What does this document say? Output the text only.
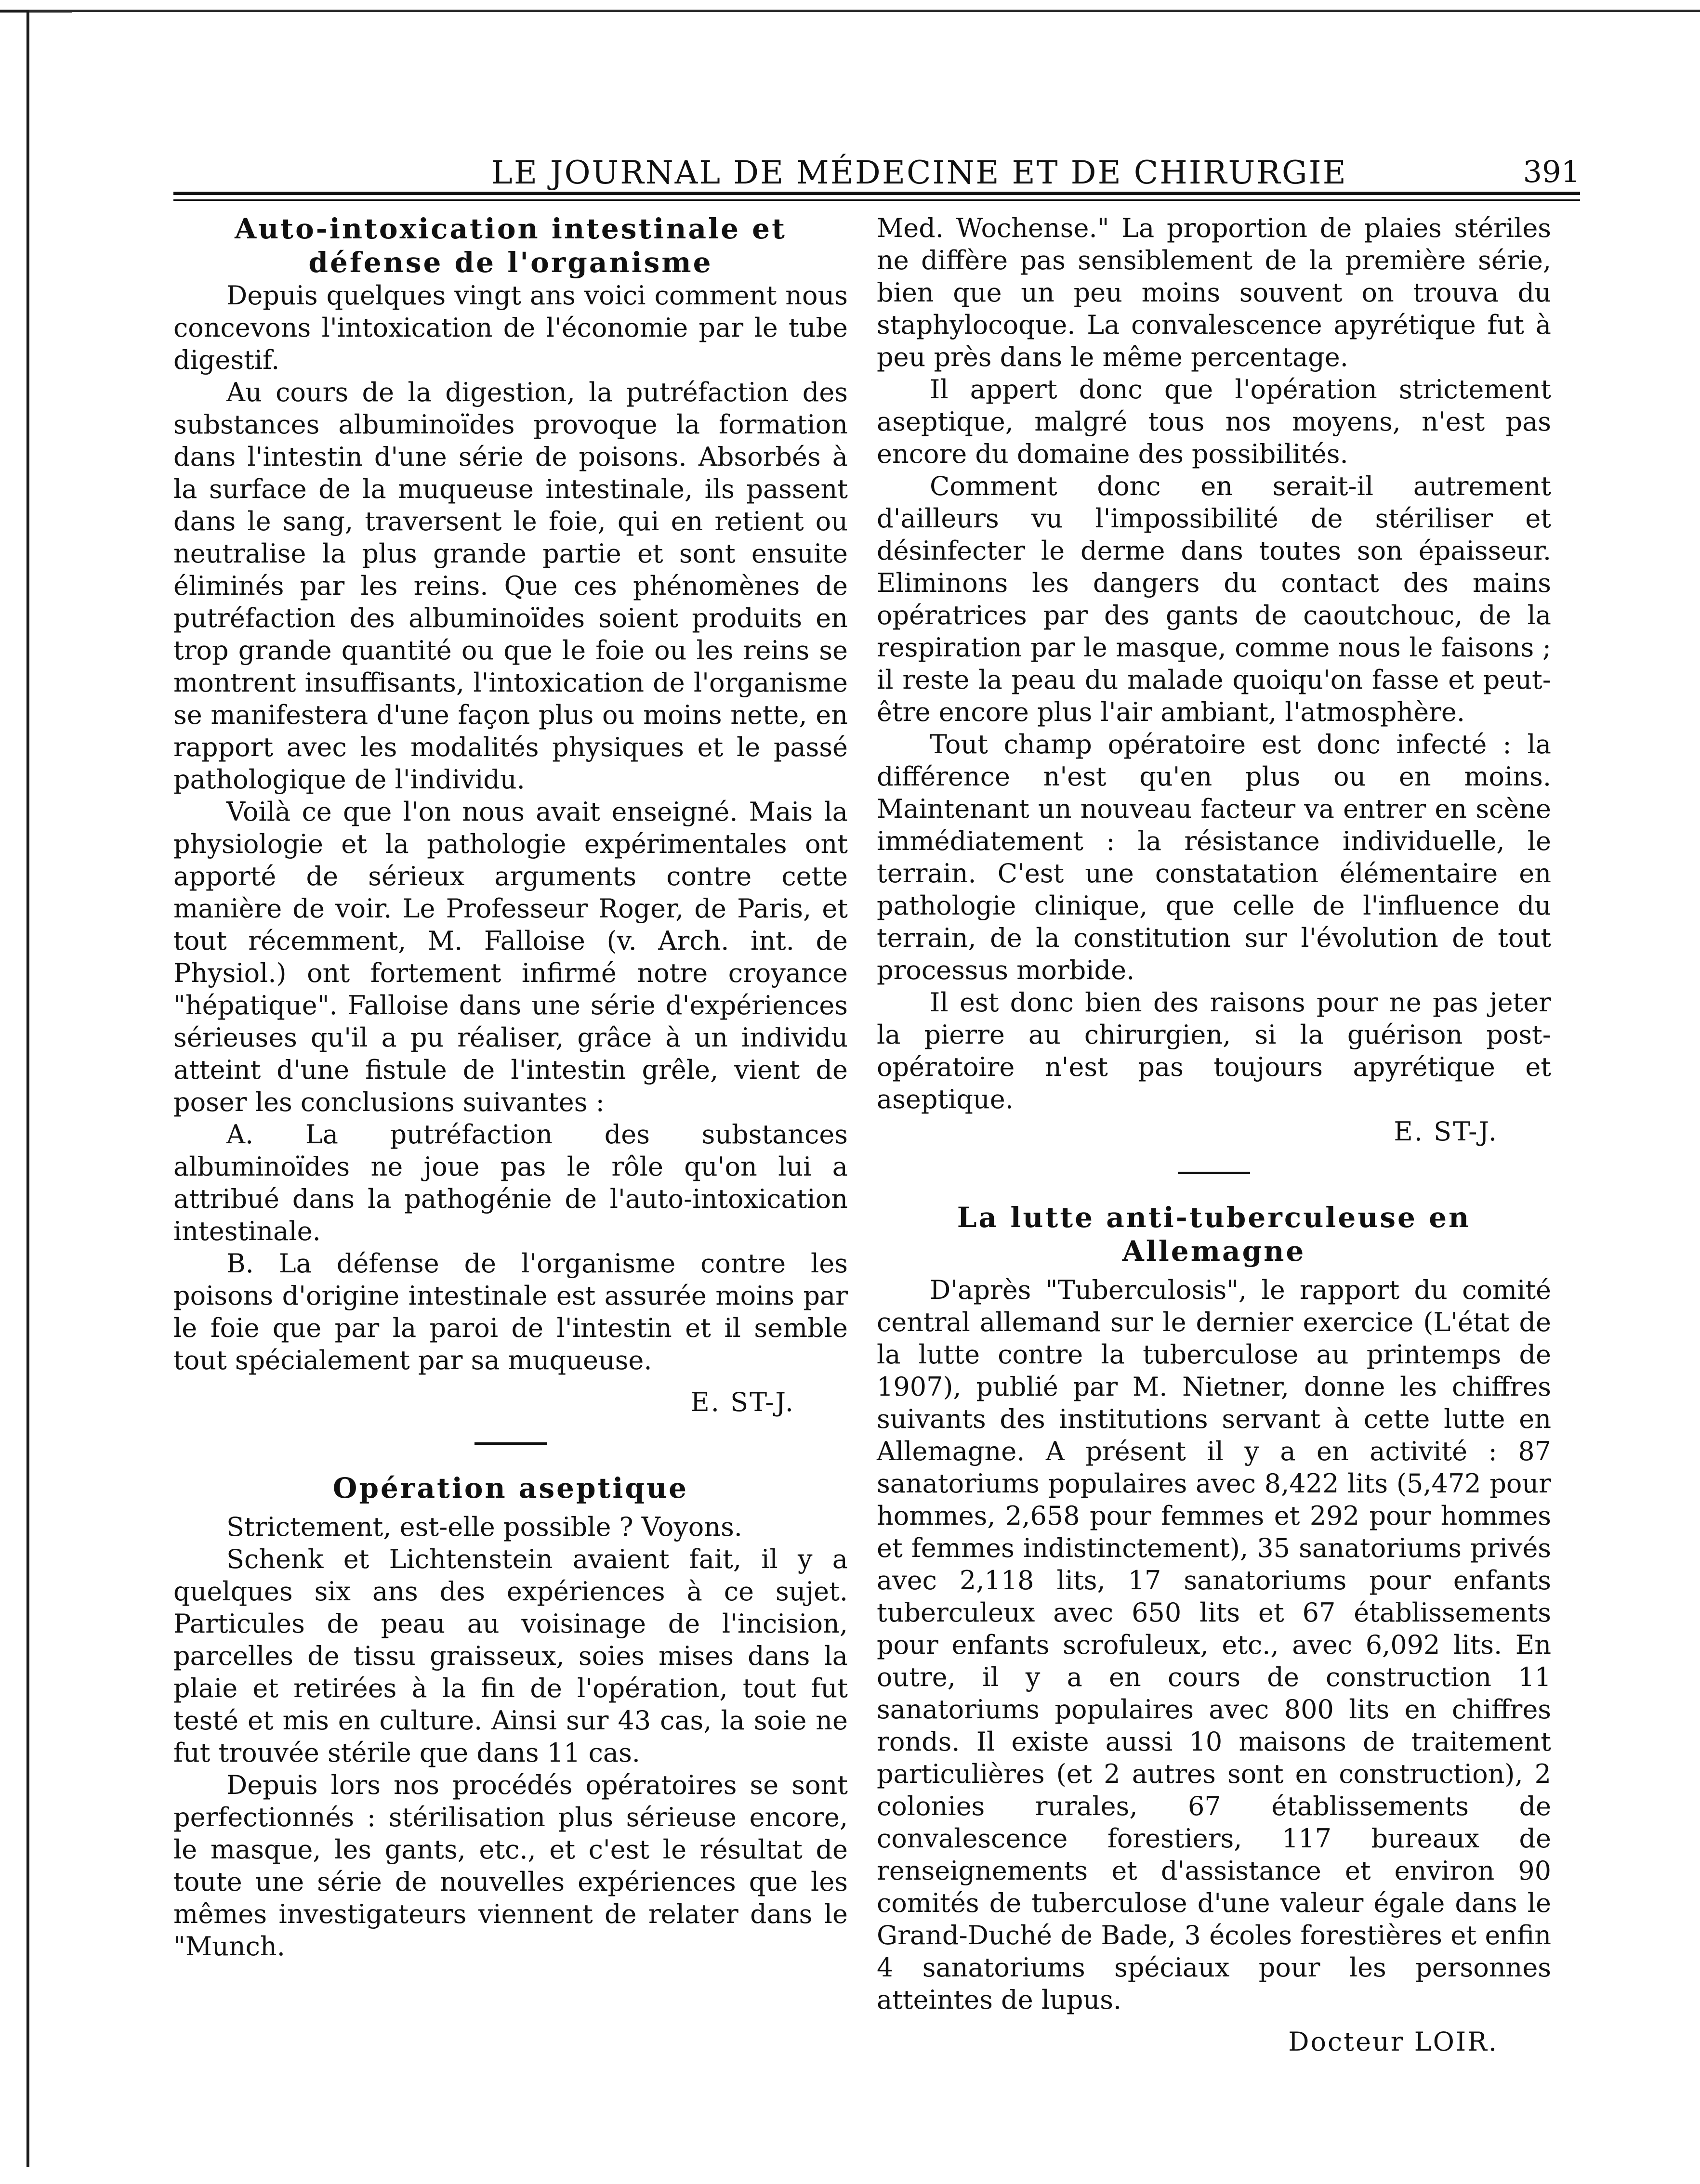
LE JOURNAL DE MÉDECINE ET DE CHIRURGIE	391
Auto-intoxication intestinale et défense de l'organisme

Depuis quelques vingt ans voici comment nous concevons l'intoxication de l'économie par le tube digestif.

Au cours de la digestion, la putréfaction des substances albuminoïdes provoque la formation dans l'intestin d'une série de poisons. Absorbés à la surface de la muqueuse intestinale, ils passent dans le sang, traversent le foie, qui en retient ou neutralise la plus grande partie et sont ensuite éliminés par les reins. Que ces phénomènes de putréfaction des albuminoïdes soient produits en trop grande quantité ou que le foie ou les reins se montrent insuffisants, l'intoxication de l'organisme se manifestera d'une façon plus ou moins nette, en rapport avec les modalités physiques et le passé pathologique de l'individu.

Voilà ce que l'on nous avait enseigné. Mais la physiologie et la pathologie expérimentales ont apporté de sérieux arguments contre cette manière de voir. Le Professeur Roger, de Paris, et tout récemment, M. Falloise (v. Arch. int. de Physiol.) ont fortement infirmé notre croyance "hépatique". Falloise dans une série d'expériences sérieuses qu'il a pu réaliser, grâce à un individu atteint d'une fistule de l'intestin grêle, vient de poser les conclusions suivantes :

A. La putréfaction des substances albuminoïdes ne joue pas le rôle qu'on lui a attribué dans la pathogénie de l'auto-intoxication intestinale.

B. La défense de l'organisme contre les poisons d'origine intestinale est assurée moins par le foie que par la paroi de l'intestin et il semble tout spécialement par sa muqueuse.

E. ST-J.

Opération aseptique

Strictement, est-elle possible ? Voyons.

Schenk et Lichtenstein avaient fait, il y a quelques six ans des expériences à ce sujet. Particules de peau au voisinage de l'incision, parcelles de tissu graisseux, soies mises dans la plaie et retirées à la fin de l'opération, tout fut testé et mis en culture. Ainsi sur 43 cas, la soie ne fut trouvée stérile que dans 11 cas.

Depuis lors nos procédés opératoires se sont perfectionnés : stérilisation plus sérieuse encore, le masque, les gants, etc., et c'est le résultat de toute une série de nouvelles expériences que les mêmes investigateurs viennent de relater dans le "Munch.

Med. Wochense." La proportion de plaies stériles ne diffère pas sensiblement de la première série, bien que un peu moins souvent on trouva du staphylocoque. La convalescence apyrétique fut à peu près dans le même percentage.

Il appert donc que l'opération strictement aseptique, malgré tous nos moyens, n'est pas encore du domaine des possibilités.

Comment donc en serait-il autrement d'ailleurs vu l'impossibilité de stériliser et désinfecter le derme dans toutes son épaisseur. Eliminons les dangers du contact des mains opératrices par des gants de caoutchouc, de la respiration par le masque, comme nous le faisons ; il reste la peau du malade quoiqu'on fasse et peut-être encore plus l'air ambiant, l'atmosphère.

Tout champ opératoire est donc infecté : la différence n'est qu'en plus ou en moins. Maintenant un nouveau facteur va entrer en scène immédiatement : la résistance individuelle, le terrain. C'est une constatation élémentaire en pathologie clinique, que celle de l'influence du terrain, de la constitution sur l'évolution de tout processus morbide.

Il est donc bien des raisons pour ne pas jeter la pierre au chirurgien, si la guérison post-opératoire n'est pas toujours apyrétique et aseptique.

E. ST-J.

La lutte anti-tuberculeuse en Allemagne

D'après "Tuberculosis", le rapport du comité central allemand sur le dernier exercice (L'état de la lutte contre la tuberculose au printemps de 1907), publié par M. Nietner, donne les chiffres suivants des institutions servant à cette lutte en Allemagne. A présent il y a en activité : 87 sanatoriums populaires avec 8,422 lits (5,472 pour hommes, 2,658 pour femmes et 292 pour hommes et femmes indistinctement), 35 sanatoriums privés avec 2,118 lits, 17 sanatoriums pour enfants tuberculeux avec 650 lits et 67 établissements pour enfants scrofuleux, etc., avec 6,092 lits. En outre, il y a en cours de construction 11 sanatoriums populaires avec 800 lits en chiffres ronds. Il existe aussi 10 maisons de traitement particulières (et 2 autres sont en construction), 2 colonies rurales, 67 établissements de convalescence forestiers, 117 bureaux de renseignements et d'assistance et environ 90 comités de tuberculose d'une valeur égale dans le Grand-Duché de Bade, 3 écoles forestières et enfin 4 sanatoriums spéciaux pour les personnes atteintes de lupus.

Docteur LOIR.
